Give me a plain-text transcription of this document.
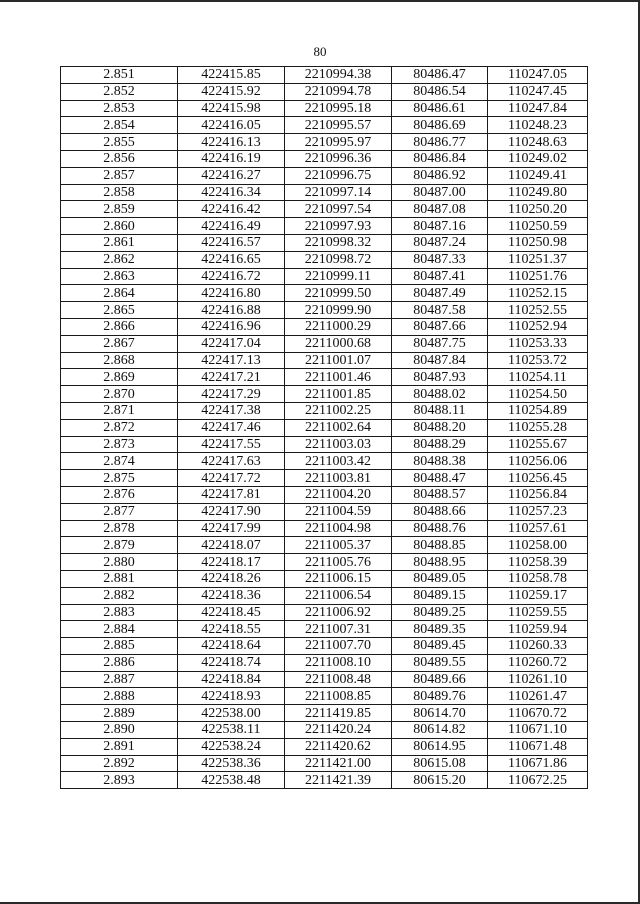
80
2.851	422415.85	2210994.38	80486.47	110247.05
2.852	422415.92	2210994.78	80486.54	110247.45
2.853	422415.98	2210995.18	80486.61	110247.84
2.854	422416.05	2210995.57	80486.69	110248.23
2.855	422416.13	2210995.97	80486.77	110248.63
2.856	422416.19	2210996.36	80486.84	110249.02
2.857	422416.27	2210996.75	80486.92	110249.41
2.858	422416.34	2210997.14	80487.00	110249.80
2.859	422416.42	2210997.54	80487.08	110250.20
2.860	422416.49	2210997.93	80487.16	110250.59
2.861	422416.57	2210998.32	80487.24	110250.98
2.862	422416.65	2210998.72	80487.33	110251.37
2.863	422416.72	2210999.11	80487.41	110251.76
2.864	422416.80	2210999.50	80487.49	110252.15
2.865	422416.88	2210999.90	80487.58	110252.55
2.866	422416.96	2211000.29	80487.66	110252.94
2.867	422417.04	2211000.68	80487.75	110253.33
2.868	422417.13	2211001.07	80487.84	110253.72
2.869	422417.21	2211001.46	80487.93	110254.11
2.870	422417.29	2211001.85	80488.02	110254.50
2.871	422417.38	2211002.25	80488.11	110254.89
2.872	422417.46	2211002.64	80488.20	110255.28
2.873	422417.55	2211003.03	80488.29	110255.67
2.874	422417.63	2211003.42	80488.38	110256.06
2.875	422417.72	2211003.81	80488.47	110256.45
2.876	422417.81	2211004.20	80488.57	110256.84
2.877	422417.90	2211004.59	80488.66	110257.23
2.878	422417.99	2211004.98	80488.76	110257.61
2.879	422418.07	2211005.37	80488.85	110258.00
2.880	422418.17	2211005.76	80488.95	110258.39
2.881	422418.26	2211006.15	80489.05	110258.78
2.882	422418.36	2211006.54	80489.15	110259.17
2.883	422418.45	2211006.92	80489.25	110259.55
2.884	422418.55	2211007.31	80489.35	110259.94
2.885	422418.64	2211007.70	80489.45	110260.33
2.886	422418.74	2211008.10	80489.55	110260.72
2.887	422418.84	2211008.48	80489.66	110261.10
2.888	422418.93	2211008.85	80489.76	110261.47
2.889	422538.00	2211419.85	80614.70	110670.72
2.890	422538.11	2211420.24	80614.82	110671.10
2.891	422538.24	2211420.62	80614.95	110671.48
2.892	422538.36	2211421.00	80615.08	110671.86
2.893	422538.48	2211421.39	80615.20	110672.25
